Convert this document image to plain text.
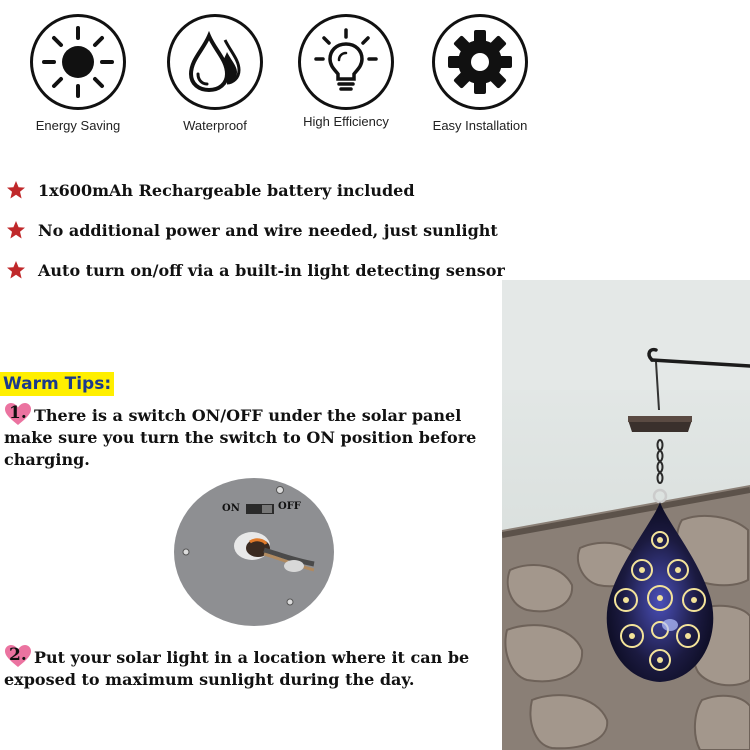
Energy Saving	Waterproof	High Efficiency	Easy Installation
1x600mAh Rechargeable battery included
No additional power and wire needed, just sunlight
Auto turn on/off via a built-in light detecting sensor
Warm Tips:
1. There is a switch ON/OFF under the solar panel make sure you turn the switch to ON position before charging.
ON	OFF
2. Put your solar light in a location where it can be exposed to maximum sunlight during the day.
